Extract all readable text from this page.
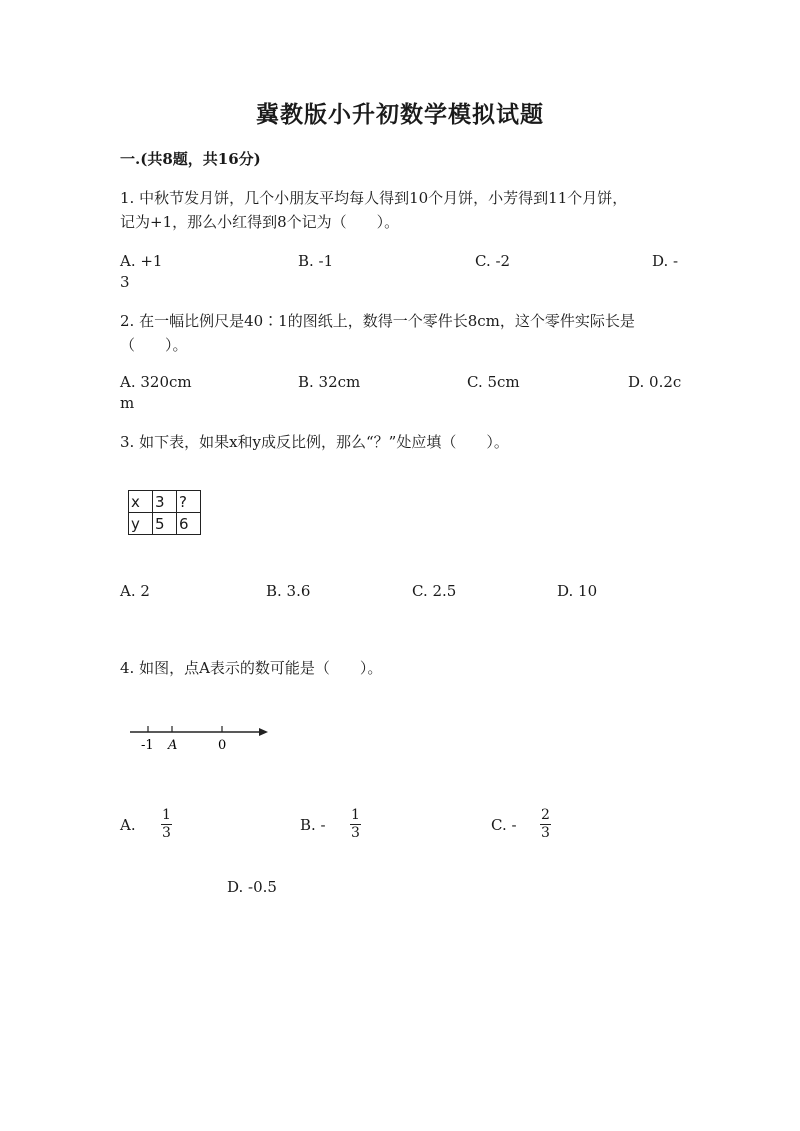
冀教版小升初数学模拟试题
一.(共8题，共16分)
1. 中秋节发月饼，几个小朋友平均每人得到10个月饼，小芳得到11个月饼，
记为+1，那么小红得到8个记为（　　）。
A. +1	B. -1	C. -2	D. -
3
2. 在一幅比例尺是40∶1的图纸上，数得一个零件长8cm，这个零件实际长是
（　　）。
A. 320cm	B. 32cm	C. 5cm	D. 0.2c
m
3. 如下表，如果x和y成反比例，那么“？”处应填（　　）。
x	3	?
y	5	6
A. 2	B. 3.6	C. 2.5	D. 10
4. 如图，点A表示的数可能是（　　）。
-1 A	0
A.
1
3	B. -
1
3	C. -
2
3
D. -0.5
